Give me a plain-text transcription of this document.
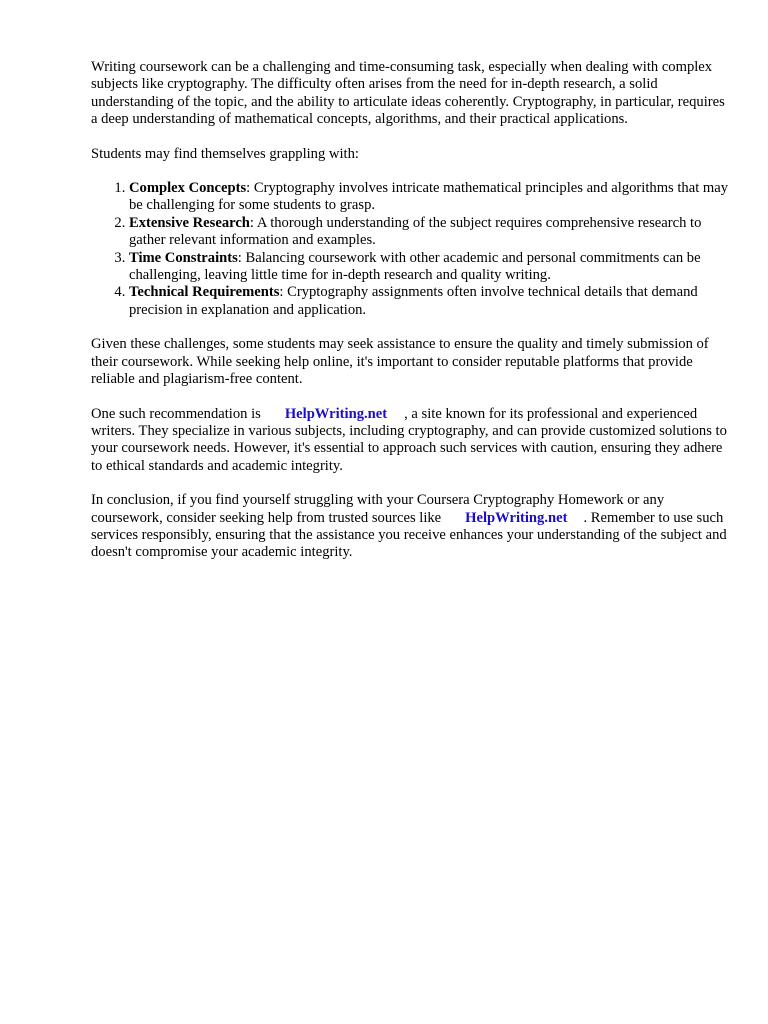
Writing coursework can be a challenging and time-consuming task, especially when dealing with complex subjects like cryptography. The difficulty often arises from the need for in-depth research, a solid understanding of the topic, and the ability to articulate ideas coherently. Cryptography, in particular, requires a deep understanding of mathematical concepts, algorithms, and their practical applications.

Students may find themselves grappling with:

1. Complex Concepts: Cryptography involves intricate mathematical principles and algorithms that may be challenging for some students to grasp.
2. Extensive Research: A thorough understanding of the subject requires comprehensive research to gather relevant information and examples.
3. Time Constraints: Balancing coursework with other academic and personal commitments can be challenging, leaving little time for in-depth research and quality writing.
4. Technical Requirements: Cryptography assignments often involve technical details that demand precision in explanation and application.

Given these challenges, some students may seek assistance to ensure the quality and timely submission of their coursework. While seeking help online, it's important to consider reputable platforms that provide reliable and plagiarism-free content.

One such recommendation is HelpWriting.net , a site known for its professional and experienced writers. They specialize in various subjects, including cryptography, and can provide customized solutions to your coursework needs. However, it's essential to approach such services with caution, ensuring they adhere to ethical standards and academic integrity.

In conclusion, if you find yourself struggling with your Coursera Cryptography Homework or any coursework, consider seeking help from trusted sources like HelpWriting.net . Remember to use such services responsibly, ensuring that the assistance you receive enhances your understanding of the subject and doesn't compromise your academic integrity.
